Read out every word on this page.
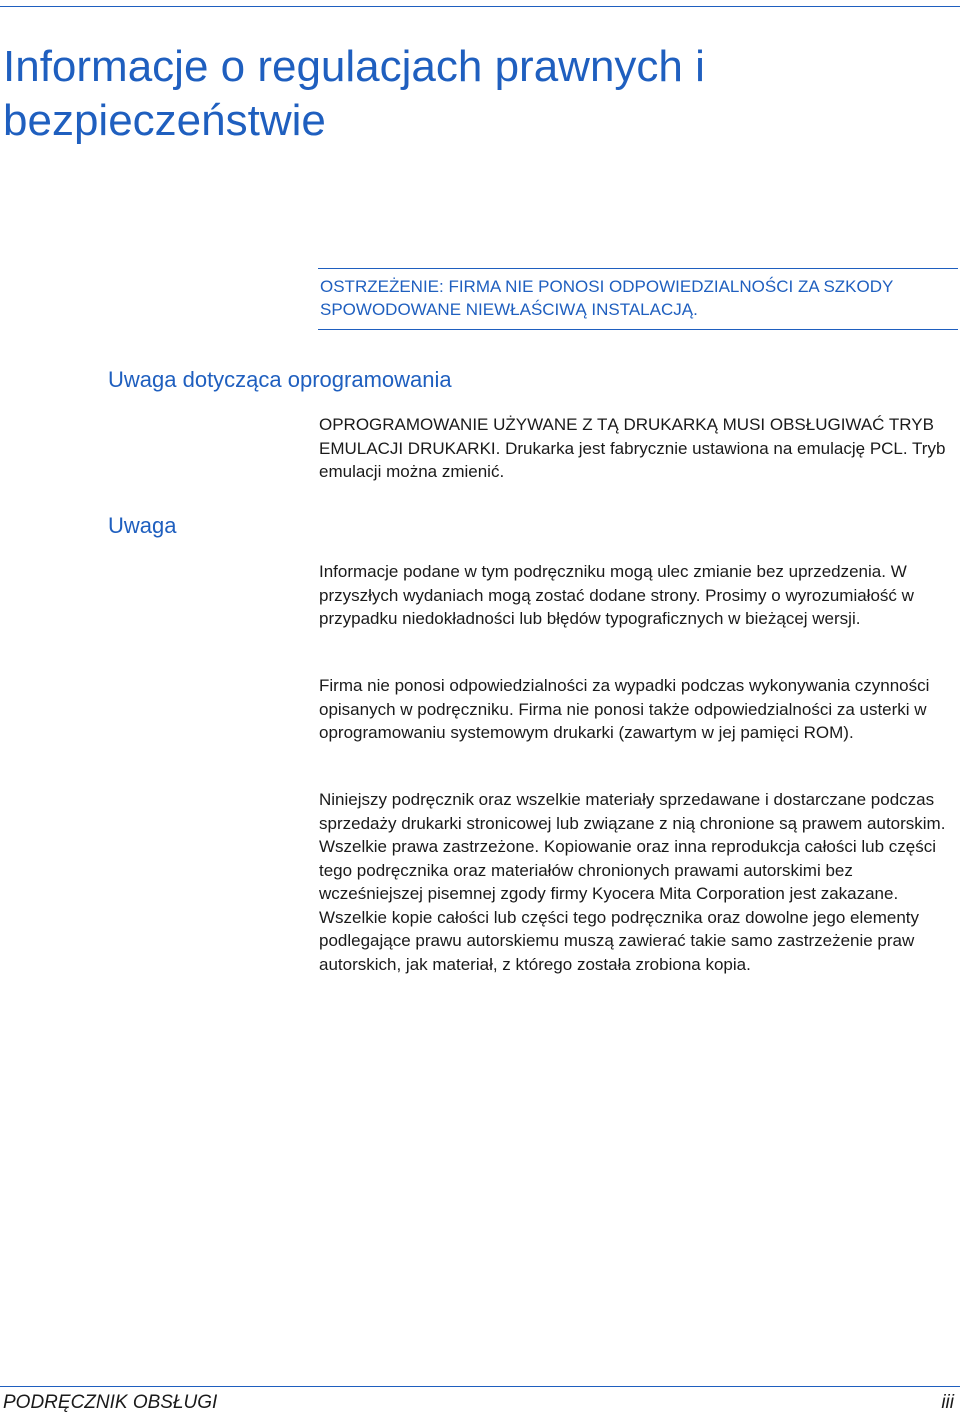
Informacje o regulacjach prawnych i bezpieczeństwie

OSTRZEŻENIE: FIRMA NIE PONOSI ODPOWIEDZIALNOŚCI ZA SZKODY SPOWODOWANE NIEWŁAŚCIWĄ INSTALACJĄ.

Uwaga dotycząca oprogramowania

OPROGRAMOWANIE UŻYWANE Z TĄ DRUKARKĄ MUSI OBSŁUGIWAĆ TRYB EMULACJI DRUKARKI. Drukarka jest fabrycznie ustawiona na emulację PCL. Tryb emulacji można zmienić.

Uwaga

Informacje podane w tym podręczniku mogą ulec zmianie bez uprzedzenia. W przyszłych wydaniach mogą zostać dodane strony. Prosimy o wyrozumiałość w przypadku niedokładności lub błędów typograficznych w bieżącej wersji.

Firma nie ponosi odpowiedzialności za wypadki podczas wykonywania czynności opisanych w podręczniku. Firma nie ponosi także odpowiedzialności za usterki w oprogramowaniu systemowym drukarki (zawartym w jej pamięci ROM).

Niniejszy podręcznik oraz wszelkie materiały sprzedawane i dostarczane podczas sprzedaży drukarki stronicowej lub związane z nią chronione są prawem autorskim. Wszelkie prawa zastrzeżone. Kopiowanie oraz inna reprodukcja całości lub części tego podręcznika oraz materiałów chronionych prawami autorskimi bez wcześniejszej pisemnej zgody firmy Kyocera Mita Corporation jest zakazane. Wszelkie kopie całości lub części tego podręcznika oraz dowolne jego elementy podlegające prawu autorskiemu muszą zawierać takie samo zastrzeżenie praw autorskich, jak materiał, z którego została zrobiona kopia.

PODRĘCZNIK OBSŁUGI	iii
